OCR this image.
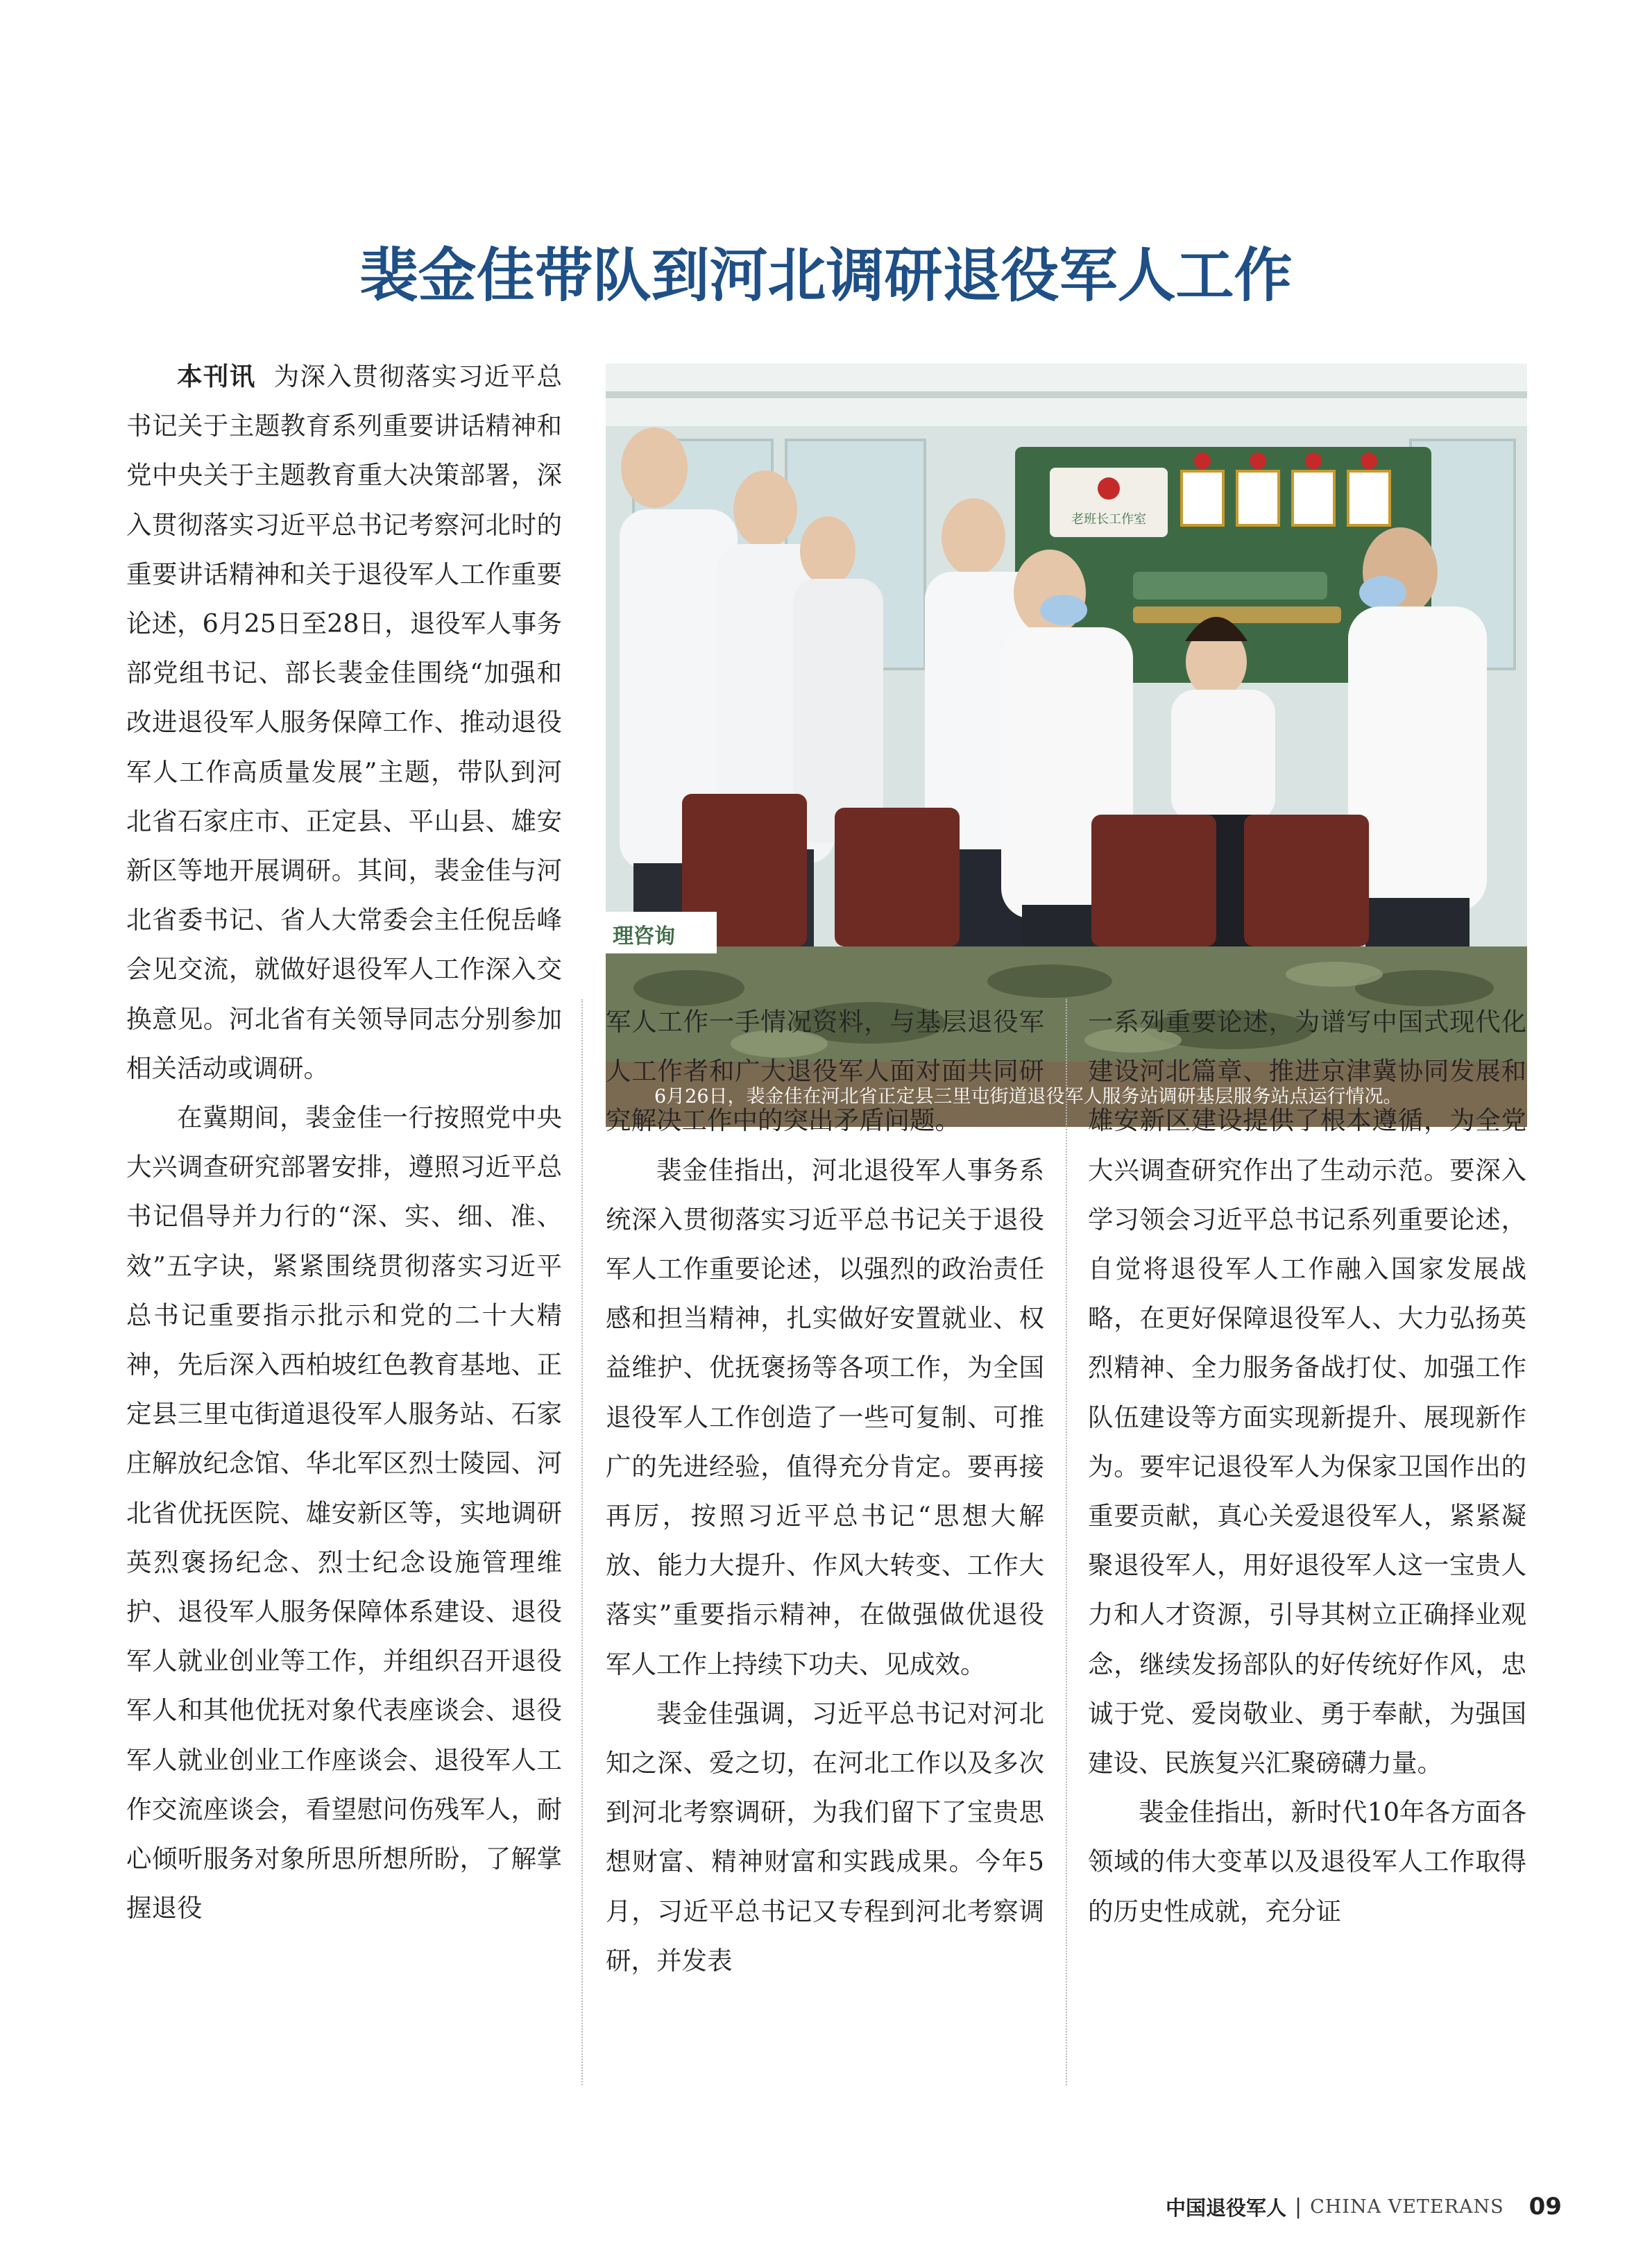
裴金佳带队到河北调研退役军人工作

本刊讯 为深入贯彻落实习近平总书记关于主题教育系列重要讲话精神和党中央关于主题教育重大决策部署，深入贯彻落实习近平总书记考察河北时的重要讲话精神和关于退役军人工作重要论述，6月25日至28日，退役军人事务部党组书记、部长裴金佳围绕“加强和改进退役军人服务保障工作、推动退役军人工作高质量发展”主题，带队到河北省石家庄市、正定县、平山县、雄安新区等地开展调研。其间，裴金佳与河北省委书记、省人大常委会主任倪岳峰会见交流，就做好退役军人工作深入交换意见。河北省有关领导同志分别参加相关活动或调研。

在冀期间，裴金佳一行按照党中央大兴调查研究部署安排，遵照习近平总书记倡导并力行的“深、实、细、准、效”五字诀，紧紧围绕贯彻落实习近平总书记重要指示批示和党的二十大精神，先后深入西柏坡红色教育基地、正定县三里屯街道退役军人服务站、石家庄解放纪念馆、华北军区烈士陵园、河北省优抚医院、雄安新区等，实地调研英烈褒扬纪念、烈士纪念设施管理维护、退役军人服务保障体系建设、退役军人就业创业等工作，并组织召开退役军人和其他优抚对象代表座谈会、退役军人就业创业工作座谈会、退役军人工作交流座谈会，看望慰问伤残军人，耐心倾听服务对象所思所想所盼，了解掌握退役

老班长工作室
理咨询
6月26日，裴金佳在河北省正定县三里屯街道退役军人服务站调研基层服务站点运行情况。

军人工作一手情况资料，与基层退役军人工作者和广大退役军人面对面共同研究解决工作中的突出矛盾问题。

裴金佳指出，河北退役军人事务系统深入贯彻落实习近平总书记关于退役军人工作重要论述，以强烈的政治责任感和担当精神，扎实做好安置就业、权益维护、优抚褒扬等各项工作，为全国退役军人工作创造了一些可复制、可推广的先进经验，值得充分肯定。要再接再厉，按照习近平总书记“思想大解放、能力大提升、作风大转变、工作大落实”重要指示精神，在做强做优退役军人工作上持续下功夫、见成效。

裴金佳强调，习近平总书记对河北知之深、爱之切，在河北工作以及多次到河北考察调研，为我们留下了宝贵思想财富、精神财富和实践成果。今年5月，习近平总书记又专程到河北考察调研，并发表

一系列重要论述，为谱写中国式现代化建设河北篇章、推进京津冀协同发展和雄安新区建设提供了根本遵循，为全党大兴调查研究作出了生动示范。要深入学习领会习近平总书记系列重要论述，自觉将退役军人工作融入国家发展战略，在更好保障退役军人、大力弘扬英烈精神、全力服务备战打仗、加强工作队伍建设等方面实现新提升、展现新作为。要牢记退役军人为保家卫国作出的重要贡献，真心关爱退役军人，紧紧凝聚退役军人，用好退役军人这一宝贵人力和人才资源，引导其树立正确择业观念，继续发扬部队的好传统好作风，忠诚于党、爱岗敬业、勇于奉献，为强国建设、民族复兴汇聚磅礴力量。

裴金佳指出，新时代10年各方面各领域的伟大变革以及退役军人工作取得的历史性成就，充分证

中国退役军人 | CHINA VETERANS 09
